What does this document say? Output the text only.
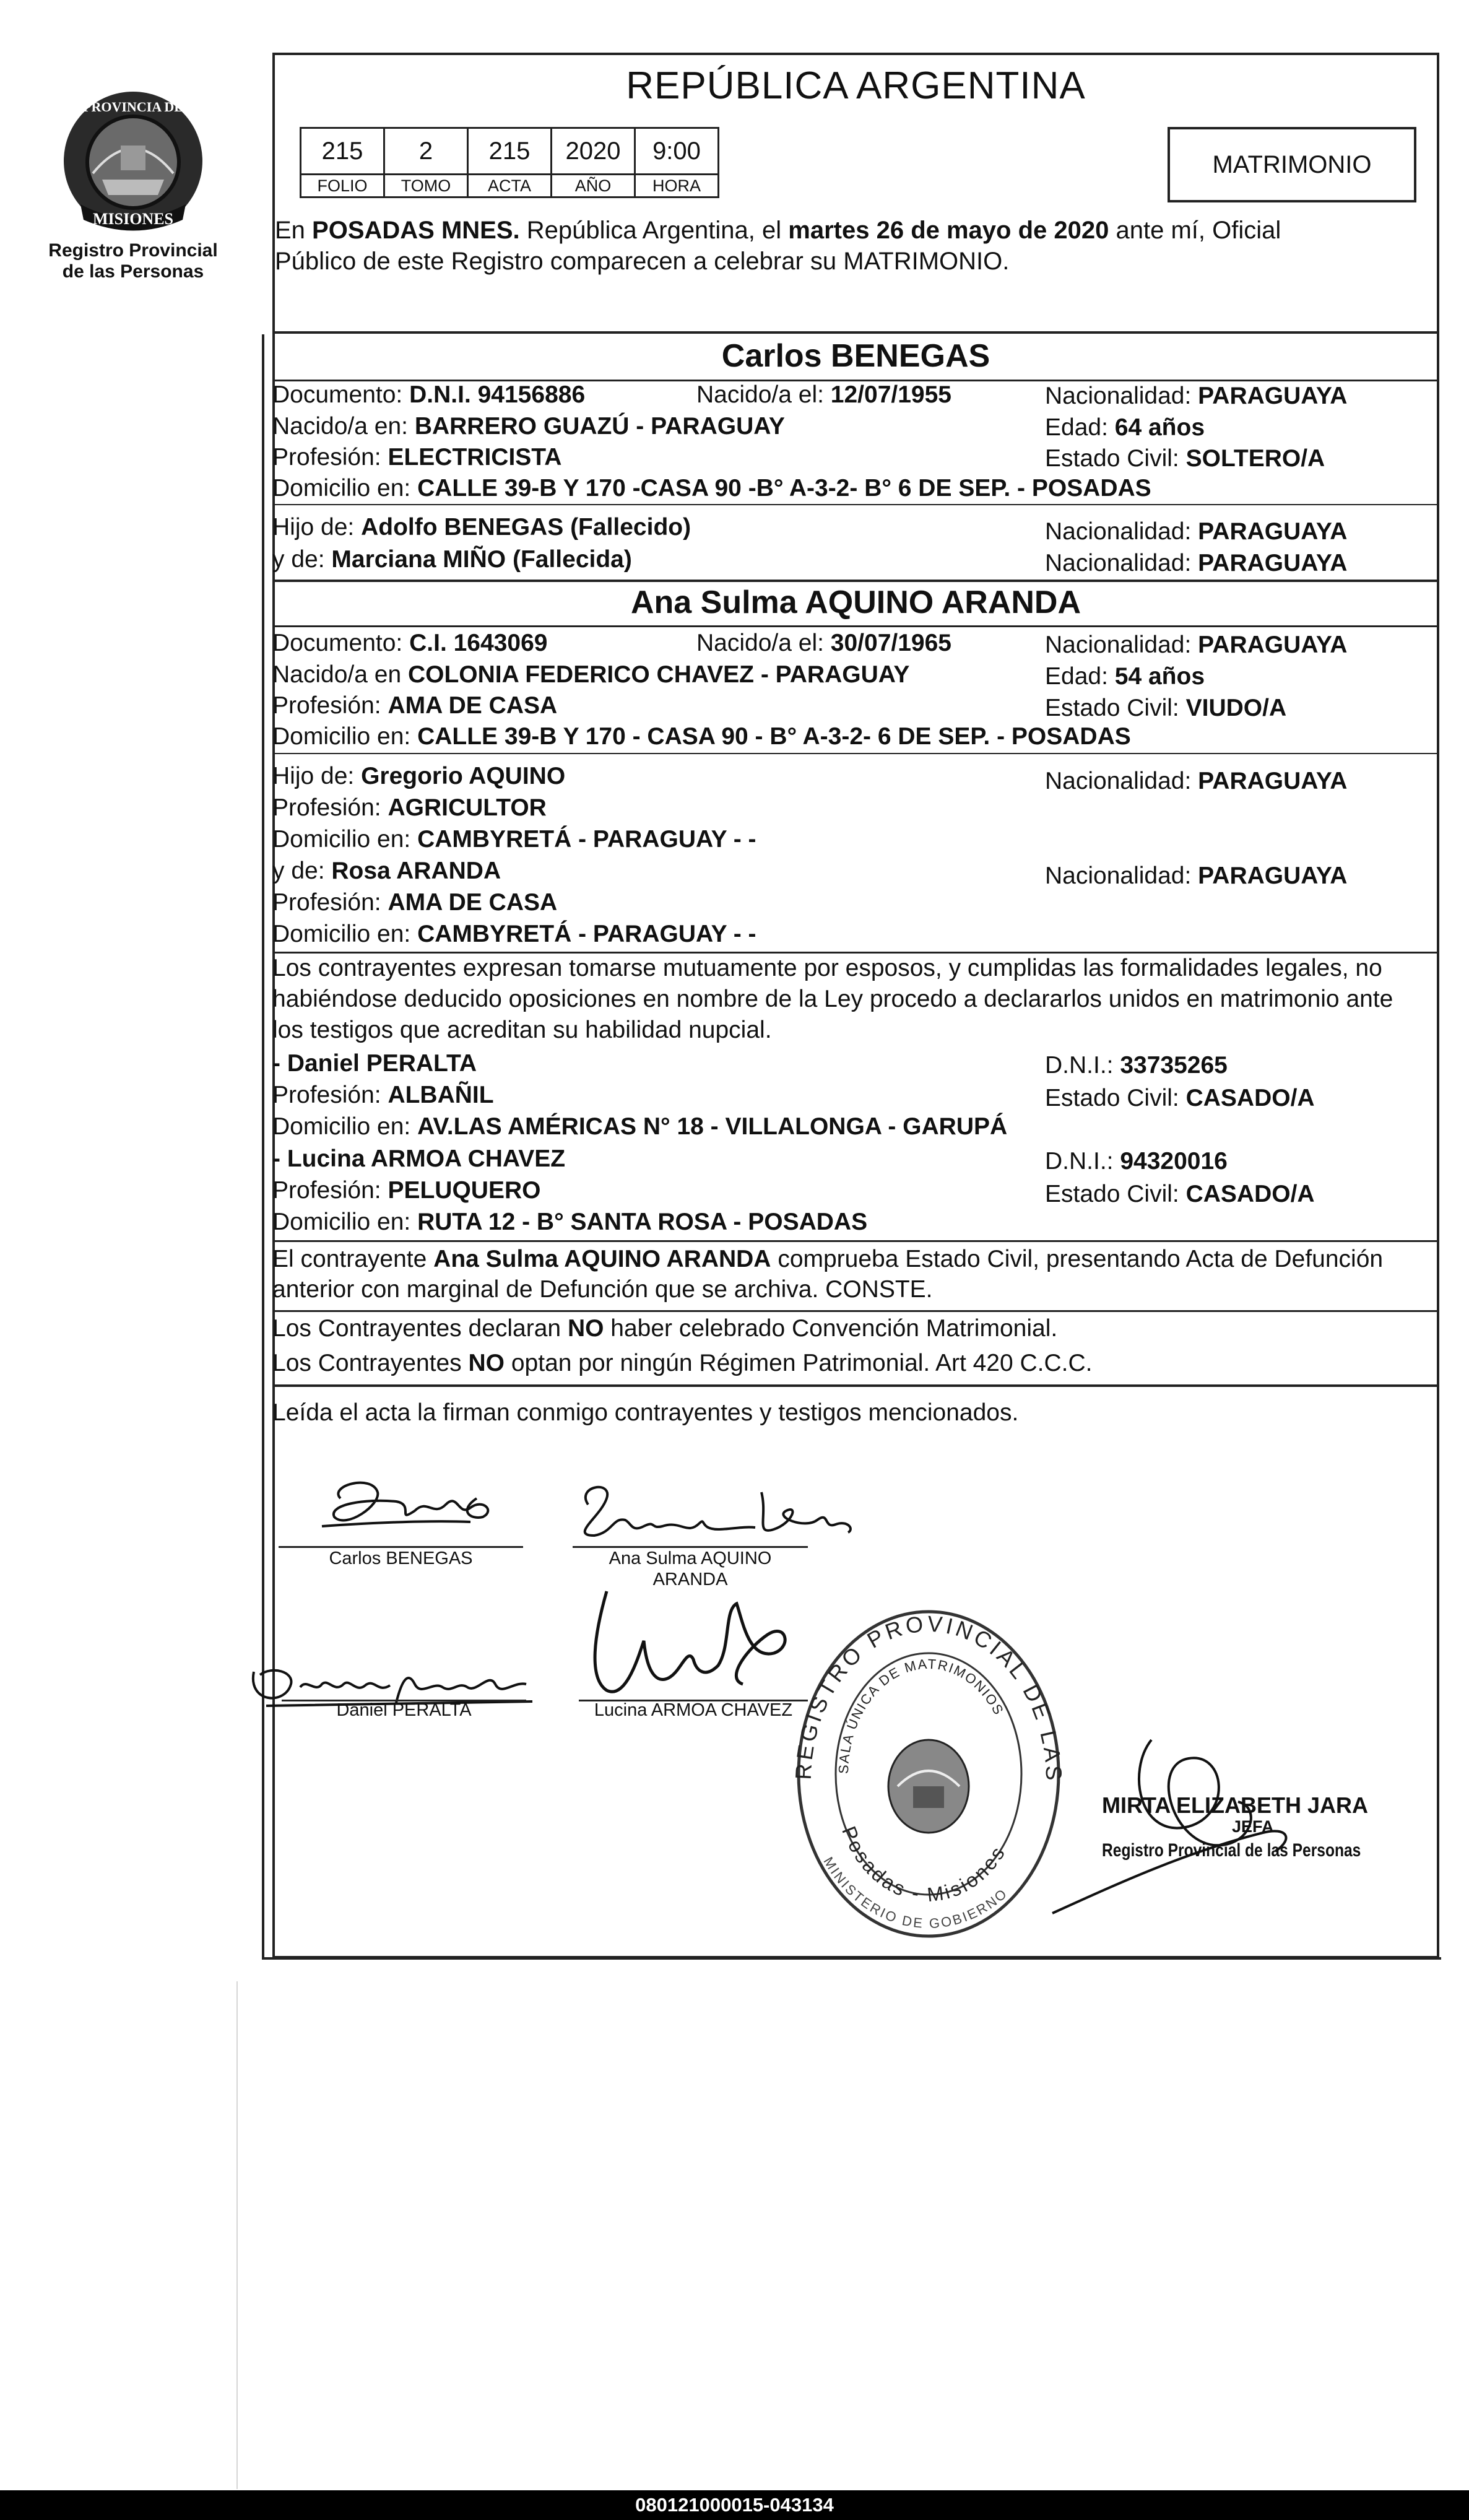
PROVINCIA DE
MISIONES
Registro Provincial
de las Personas
REPÚBLICA ARGENTINA
215	2	215	2020	9:00
FOLIO	TOMO	ACTA	AÑO	HORA
MATRIMONIO
En POSADAS MNES. República Argentina, el martes 26 de mayo de 2020 ante mí, Oficial
Público de este Registro comparecen a celebrar su MATRIMONIO.
Carlos BENEGAS
Documento: D.N.I. 94156886	Nacido/a el: 12/07/1955	Nacionalidad: PARAGUAYA
Nacido/a en: BARRERO GUAZÚ - PARAGUAY	Edad: 64 años
Profesión: ELECTRICISTA	Estado Civil: SOLTERO/A
Domicilio en: CALLE 39-B Y 170 -CASA 90 -B° A-3-2- B° 6 DE SEP. - POSADAS
Hijo de: Adolfo BENEGAS (Fallecido)	Nacionalidad: PARAGUAYA
y de: Marciana MIÑO (Fallecida)	Nacionalidad: PARAGUAYA
Ana Sulma AQUINO ARANDA
Documento: C.I. 1643069	Nacido/a el: 30/07/1965	Nacionalidad: PARAGUAYA
Nacido/a en COLONIA FEDERICO CHAVEZ - PARAGUAY	Edad: 54 años
Profesión: AMA DE CASA	Estado Civil: VIUDO/A
Domicilio en: CALLE 39-B Y 170 - CASA 90 - B° A-3-2- 6 DE SEP. - POSADAS
Hijo de: Gregorio AQUINO	Nacionalidad: PARAGUAYA
Profesión: AGRICULTOR
Domicilio en: CAMBYRETÁ - PARAGUAY - -
y de: Rosa ARANDA	Nacionalidad: PARAGUAYA
Profesión: AMA DE CASA
Domicilio en: CAMBYRETÁ - PARAGUAY - -
Los contrayentes expresan tomarse mutuamente por esposos, y cumplidas las formalidades legales, no
habiéndose deducido oposiciones en nombre de la Ley procedo a declararlos unidos en matrimonio ante
los testigos que acreditan su habilidad nupcial.
- Daniel PERALTA	D.N.I.: 33735265
Profesión: ALBAÑIL	Estado Civil: CASADO/A
Domicilio en: AV.LAS AMÉRICAS N° 18 - VILLALONGA - GARUPÁ
- Lucina ARMOA CHAVEZ	D.N.I.: 94320016
Profesión: PELUQUERO	Estado Civil: CASADO/A
Domicilio en: RUTA 12 - B° SANTA ROSA - POSADAS
El contrayente Ana Sulma AQUINO ARANDA comprueba Estado Civil, presentando Acta de Defunción
anterior con marginal de Defunción que se archiva. CONSTE.
Los Contrayentes declaran NO haber celebrado Convención Matrimonial.
Los Contrayentes NO optan por ningún Régimen Patrimonial. Art 420 C.C.C.
Leída el acta la firman conmigo contrayentes y testigos mencionados.
Carlos BENEGAS	Ana Sulma AQUINO
ARANDA
Daniel PERALTA	Lucina ARMOA CHAVEZ
REGISTRO PROVINCIAL DE LAS PERSONAS
SALA ÚNICA DE MATRIMONIOS
Posadas - Misiones
MINISTERIO DE GOBIERNO
MIRTA ELIZABETH JARA
JEFA
Registro Provincial de las Personas
080121000015-043134
